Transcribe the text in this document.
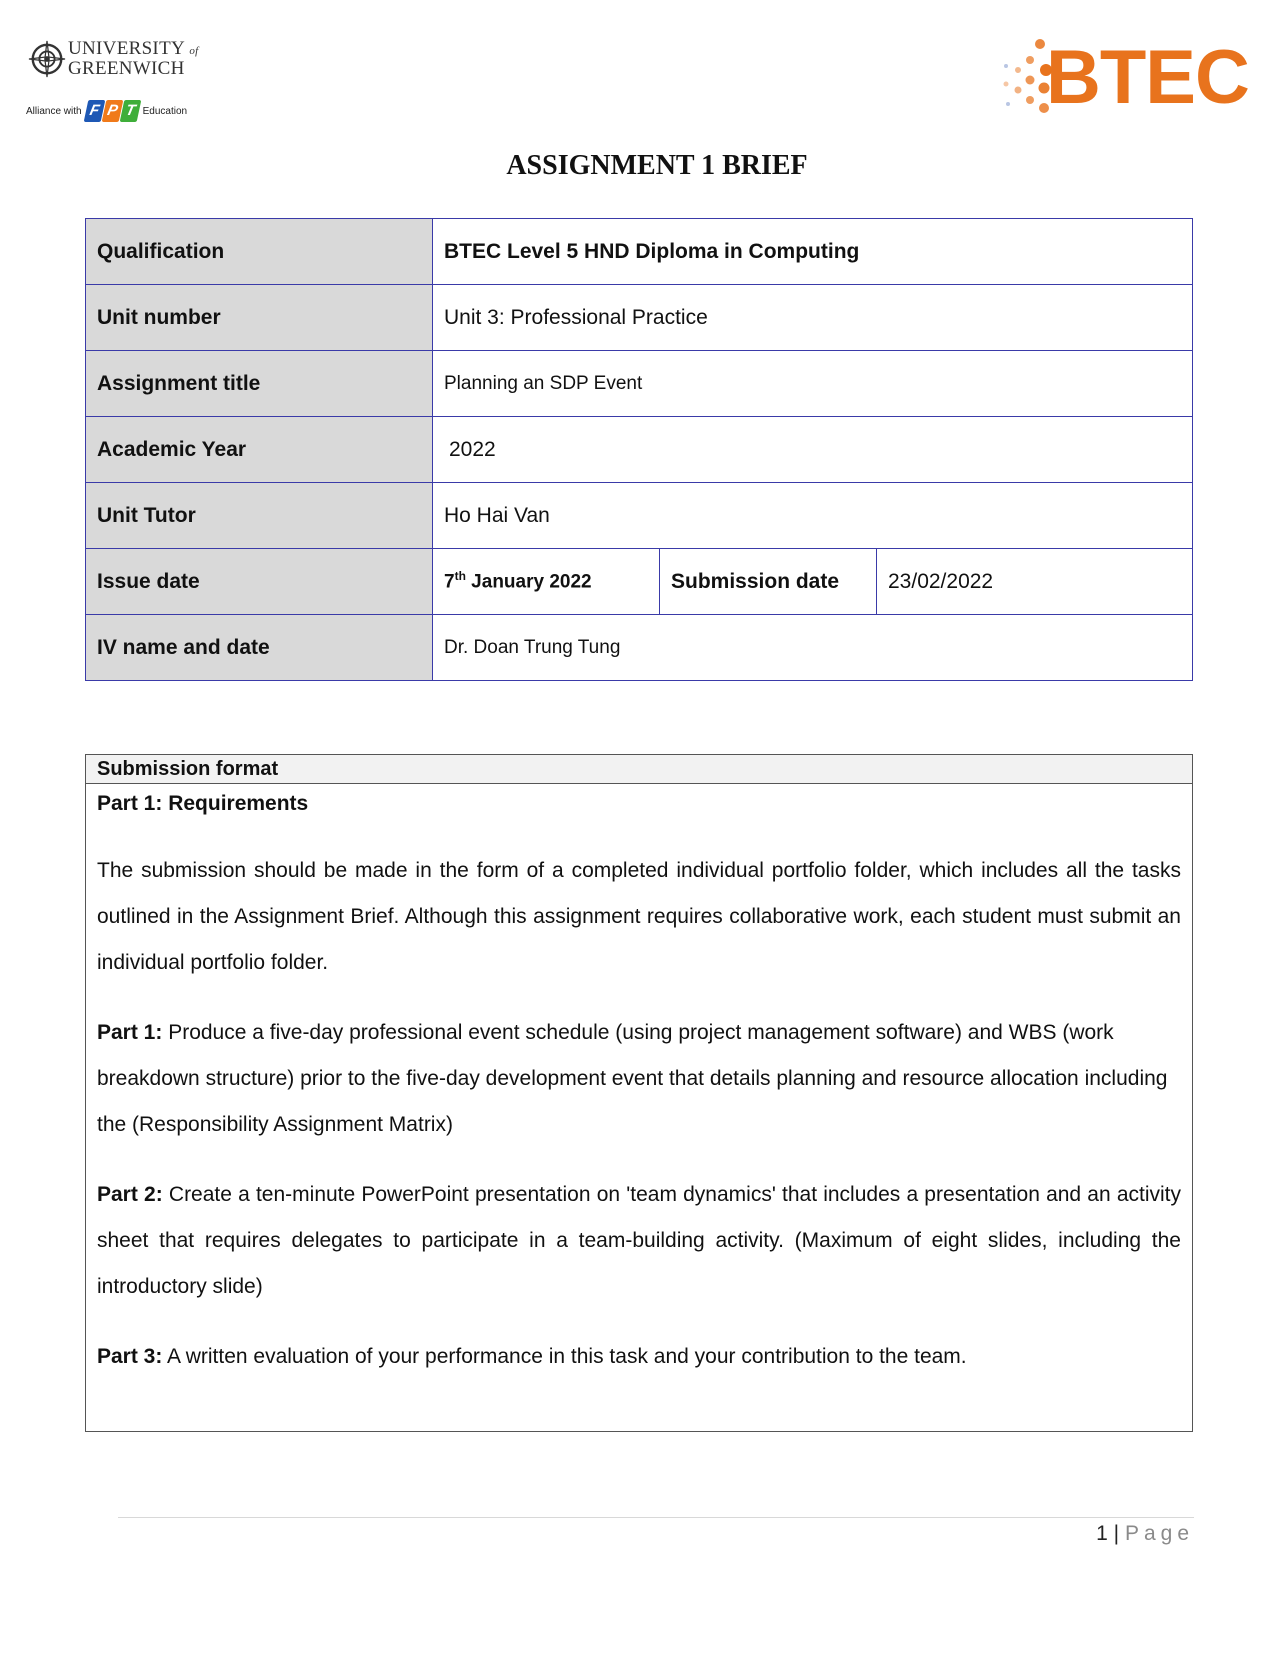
UNIVERSITY of
GREENWICH
Alliance with F P T Education	BTEC
ASSIGNMENT 1 BRIEF
Qualification	BTEC Level 5 HND Diploma in Computing		
Unit number	Unit 3: Professional Practice		
Assignment title	Planning an SDP Event		
Academic Year	2022		
Unit Tutor	Ho Hai Van		
Issue date	7th January 2022	Submission date	23/02/2022
IV name and date	Dr. Doan Trung Tung		
Submission format

Part 1: Requirements

The submission should be made in the form of a completed individual portfolio folder, which includes all the tasks outlined in the Assignment Brief. Although this assignment requires collaborative work, each student must submit an individual portfolio folder.

Part 1: Produce a five-day professional event schedule (using project management software) and WBS (work breakdown structure) prior to the five-day development event that details planning and resource allocation including the (Responsibility Assignment Matrix)

Part 2: Create a ten-minute PowerPoint presentation on 'team dynamics' that includes a presentation and an activity sheet that requires delegates to participate in a team-building activity. (Maximum of eight slides, including the introductory slide)

Part 3: A written evaluation of your performance in this task and your contribution to the team.

1 | Page
